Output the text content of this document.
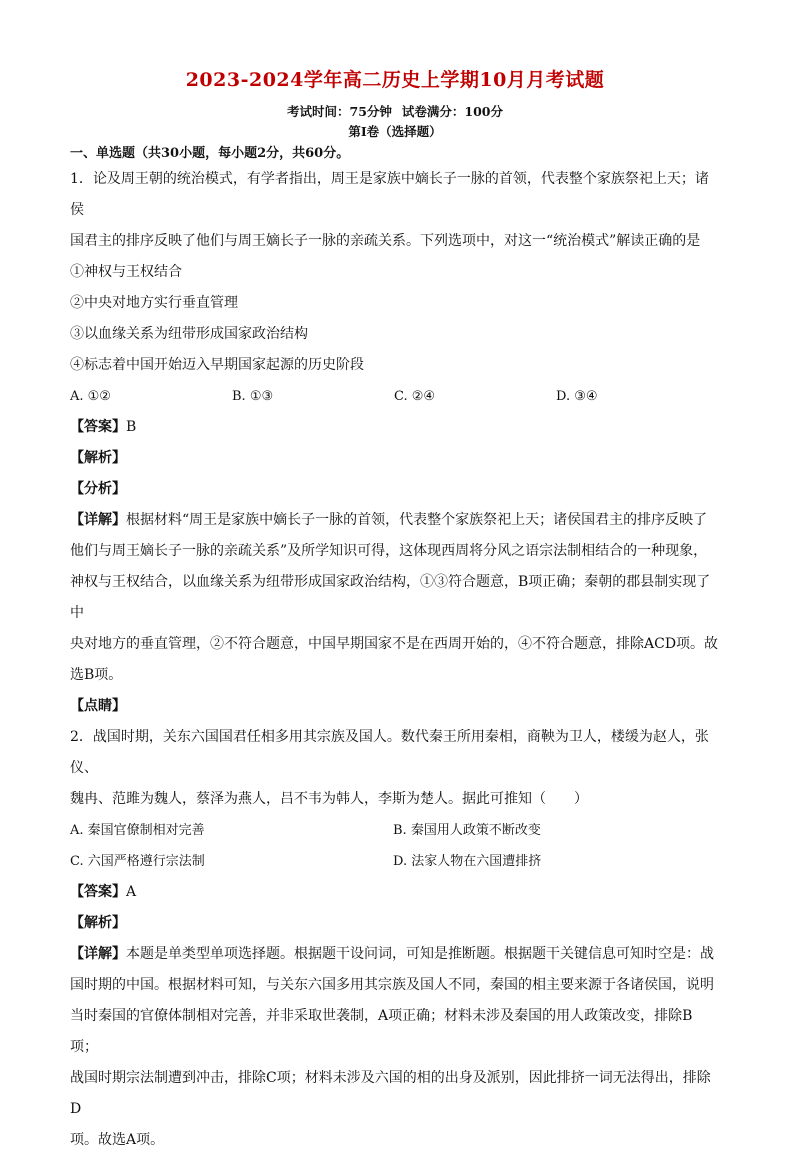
2023-2024学年高二历史上学期10月月考试题
考试时间：75分钟 试卷满分：100分
第Ⅰ卷（选择题）
一、单选题（共30小题，每小题2分，共60分。

1．论及周王朝的统治模式，有学者指出，周王是家族中嫡长子一脉的首领，代表整个家族祭祀上天；诸侯

国君主的排序反映了他们与周王嫡长子一脉的亲疏关系。下列选项中，对这一“统治模式”解读正确的是

①神权与王权结合

②中央对地方实行垂直管理

③以血缘关系为纽带形成国家政治结构

④标志着中国开始迈入早期国家起源的历史阶段

A. ①②	B. ①③	C. ②④	D. ③④

【答案】B

【解析】

【分析】

【详解】根据材料“周王是家族中嫡长子一脉的首领，代表整个家族祭祀上天；诸侯国君主的排序反映了

他们与周王嫡长子一脉的亲疏关系”及所学知识可得，这体现西周将分风之语宗法制相结合的一种现象，

神权与王权结合，以血缘关系为纽带形成国家政治结构，①③符合题意，B项正确；秦朝的郡县制实现了中

央对地方的垂直管理，②不符合题意，中国早期国家不是在西周开始的，④不符合题意，排除ACD项。故

选B项。

【点睛】

2．战国时期，关东六国国君任相多用其宗族及国人。数代秦王所用秦相，商鞅为卫人，楼缓为赵人，张仪、

魏冉、范雎为魏人，蔡泽为燕人，吕不韦为韩人，李斯为楚人。据此可推知（　　）

A. 秦国官僚制相对完善	B. 秦国用人政策不断改变
C. 六国严格遵行宗法制	D. 法家人物在六国遭排挤

【答案】A

【解析】

【详解】本题是单类型单项选择题。根据题干设问词，可知是推断题。根据题干关键信息可知时空是：战

国时期的中国。根据材料可知，与关东六国多用其宗族及国人不同，秦国的相主要来源于各诸侯国，说明

当时秦国的官僚体制相对完善，并非采取世袭制，A项正确；材料未涉及秦国的用人政策改变，排除B项；

战国时期宗法制遭到冲击，排除C项；材料未涉及六国的相的出身及派别，因此排挤一词无法得出，排除D

项。故选A项。
